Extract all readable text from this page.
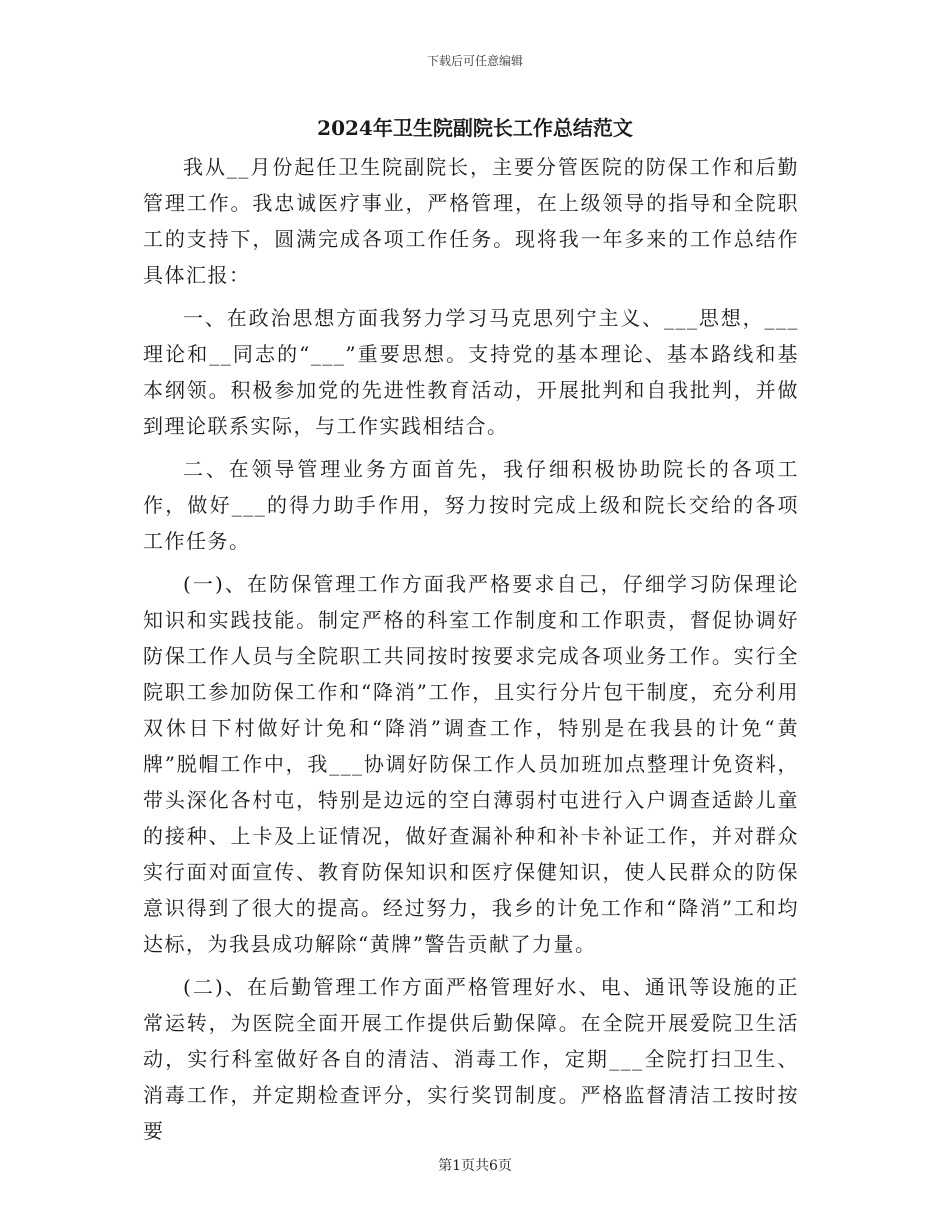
下载后可任意编辑
2024年卫生院副院长工作总结范文

我从__月份起任卫生院副院长，主要分管医院的防保工作和后勤管理工作。我忠诚医疗事业，严格管理，在上级领导的指导和全院职工的支持下，圆满完成各项工作任务。现将我一年多来的工作总结作具体汇报：

一、在政治思想方面我努力学习马克思列宁主义、___思想，___理论和__同志的“___”重要思想。支持党的基本理论、基本路线和基本纲领。积极参加党的先进性教育活动，开展批判和自我批判，并做到理论联系实际，与工作实践相结合。

二、在领导管理业务方面首先，我仔细积极协助院长的各项工作，做好___的得力助手作用，努力按时完成上级和院长交给的各项工作任务。

(一)、在防保管理工作方面我严格要求自己，仔细学习防保理论知识和实践技能。制定严格的科室工作制度和工作职责，督促协调好防保工作人员与全院职工共同按时按要求完成各项业务工作。实行全院职工参加防保工作和“降消”工作，且实行分片包干制度，充分利用双休日下村做好计免和“降消”调查工作，特别是在我县的计免“黄牌”脱帽工作中，我___协调好防保工作人员加班加点整理计免资料，带头深化各村屯，特别是边远的空白薄弱村屯进行入户调查适龄儿童的接种、上卡及上证情况，做好查漏补种和补卡补证工作，并对群众实行面对面宣传、教育防保知识和医疗保健知识，使人民群众的防保意识得到了很大的提高。经过努力，我乡的计免工作和“降消”工和均达标，为我县成功解除“黄牌”警告贡献了力量。

(二)、在后勤管理工作方面严格管理好水、电、通讯等设施的正常运转，为医院全面开展工作提供后勤保障。在全院开展爱院卫生活动，实行科室做好各自的清洁、消毒工作，定期___全院打扫卫生、消毒工作，并定期检查评分，实行奖罚制度。严格监督清洁工按时按要

第1页共6页
